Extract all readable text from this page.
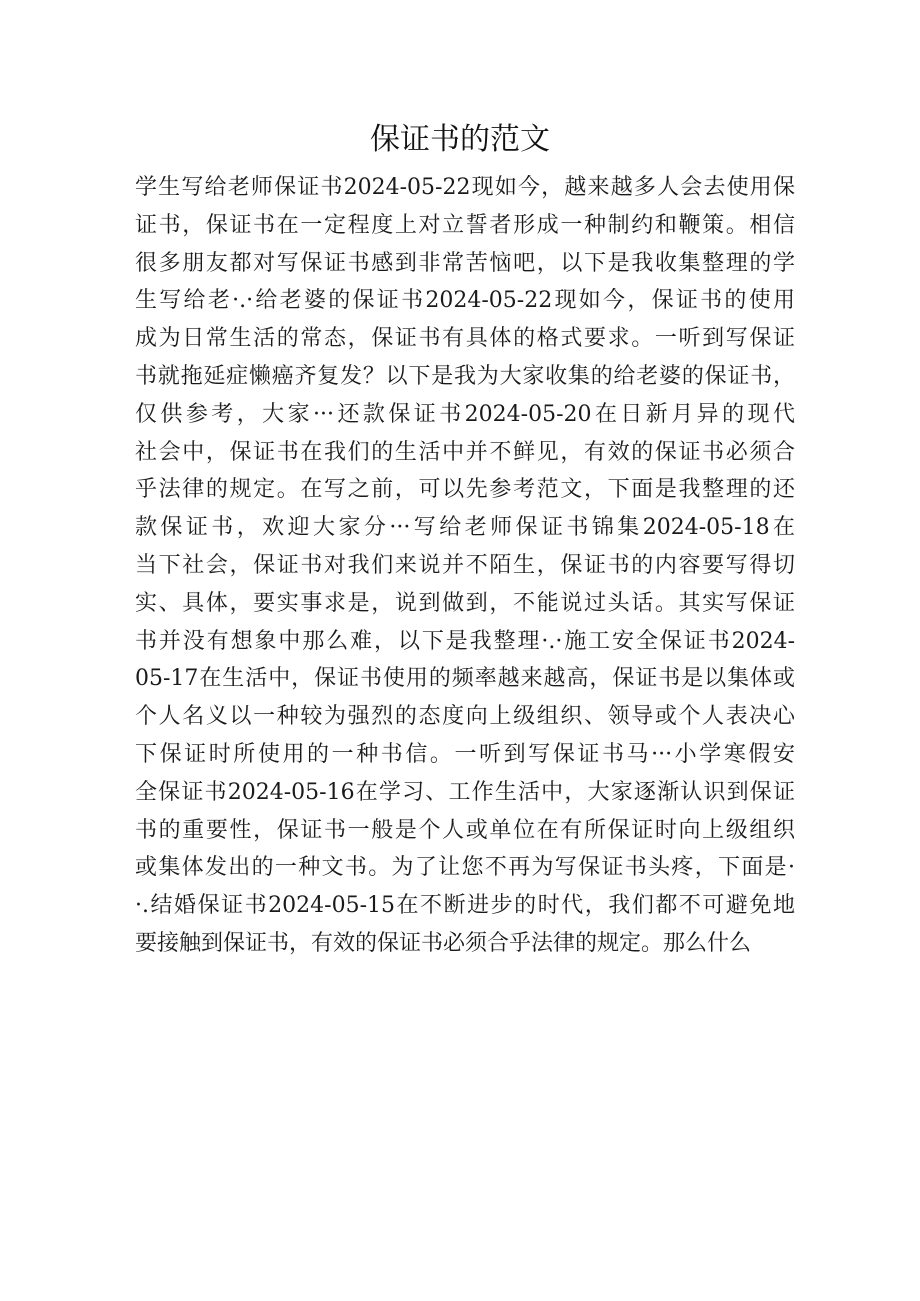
保证书的范文
学生写给老师保证书2024-05-22现如今，越来越多人会去使用保
证书，保证书在一定程度上对立誓者形成一种制约和鞭策。相信
很多朋友都对写保证书感到非常苦恼吧，以下是我收集整理的学
生写给老·.·给老婆的保证书2024-05-22现如今，保证书的使用
成为日常生活的常态，保证书有具体的格式要求。一听到写保证
书就拖延症懒癌齐复发？以下是我为大家收集的给老婆的保证书，
仅供参考，大家···还款保证书2024-05-20在日新月异的现代
社会中，保证书在我们的生活中并不鲜见，有效的保证书必须合
乎法律的规定。在写之前，可以先参考范文，下面是我整理的还
款保证书，欢迎大家分···写给老师保证书锦集2024-05-18在
当下社会，保证书对我们来说并不陌生，保证书的内容要写得切
实、具体，要实事求是，说到做到，不能说过头话。其实写保证
书并没有想象中那么难，以下是我整理·.·施工安全保证书2024-
05-17在生活中，保证书使用的频率越来越高，保证书是以集体或
个人名义以一种较为强烈的态度向上级组织、领导或个人表决心
下保证时所使用的一种书信。一听到写保证书马···小学寒假安
全保证书2024-05-16在学习、工作生活中，大家逐渐认识到保证
书的重要性，保证书一般是个人或单位在有所保证时向上级组织
或集体发出的一种文书。为了让您不再为写保证书头疼，下面是·
·.结婚保证书2024-05-15在不断进步的时代，我们都不可避免地
要接触到保证书，有效的保证书必须合乎法律的规定。那么什么
